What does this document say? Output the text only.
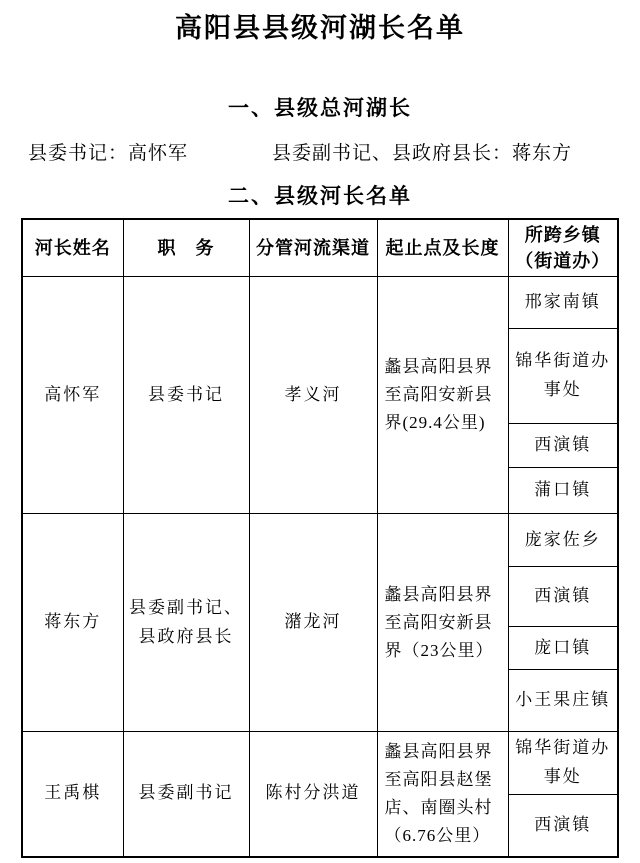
高阳县县级河湖长名单
一、县级总河湖长
县委书记：高怀军	县委副书记、县政府县长：蒋东方
二、县级河长名单
河长姓名	职　务	分管河流渠道	起止点及长度	所跨乡镇 （街道办）
高怀军	县委书记	孝义河	蠡县高阳县界至高阳安新县界(29.4公里)	邢家南镇
				锦华街道办事处
				西演镇
				蒲口镇
蒋东方	县委副书记、县政府县长	潴龙河	蠡县高阳县界至高阳安新县界（23公里）	庞家佐乡
				西演镇
				庞口镇
				小王果庄镇
王禹棋	县委副书记	陈村分洪道	蠡县高阳县界至高阳县赵堡店、南圈头村（6.76公里）	锦华街道办事处
				西演镇
